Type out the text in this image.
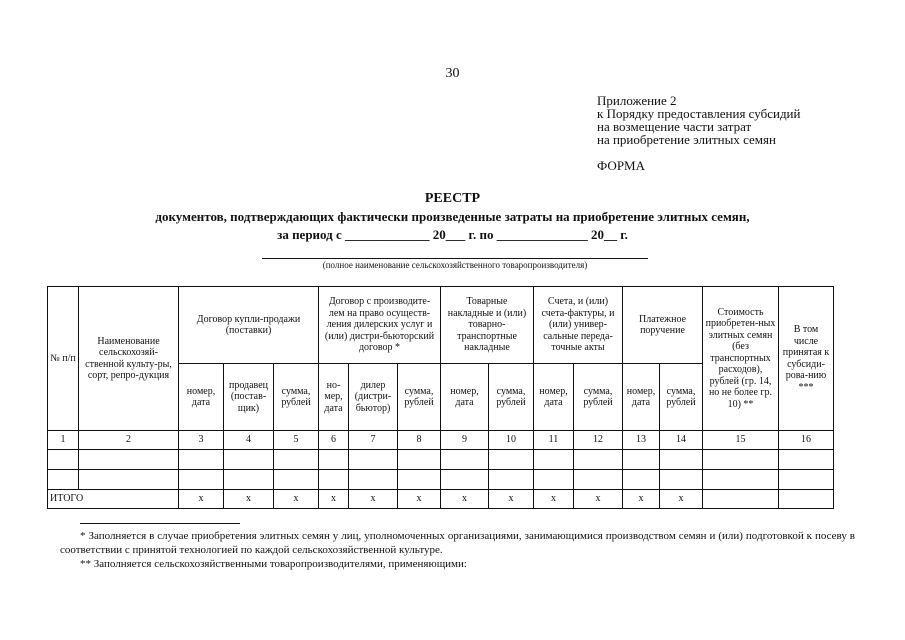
30
Приложение 2
к Порядку предоставления субсидий
на возмещение части затрат
на приобретение элитных семян
ФОРМА
РЕЕСТР
документов, подтверждающих фактически произведенные затраты на приобретение элитных семян,
за период с _____________ 20___ г. по ______________ 20__ г.
(полное наименование сельскохозяйственного товаропроизводителя)
№ п/п	Наименование сельскохозяй-ственной культу-ры, сорт, репро-дукция	Договор купли-продажи (поставки)			Договор с производите-лем на право осуществ-ления дилерских услуг и (или) дистри-бьюторский договор *			Товарные накладные и (или) товарно-транспортные накладные		Счета, и (или) счета-фактуры, и (или) универ-сальные переда-точные акты		Платежное поручение		Стоимость приобретен-ных элитных семян (без транспортных расходов), рублей (гр. 14, но не более гр. 10) **	В том числе принятая к субсиди-рова-нию ***
		номер, дата	продавец (постав-щик)	сумма, рублей	но-мер, дата	дилер (дистри-бьютор)	сумма, рублей	номер, дата	сумма, рублей	номер, дата	сумма, рублей	номер, дата	сумма, рублей		
1	2	3	4	5	6	7	8	9	10	11	12	13	14	15	16

ИТОГО		x	x	x	x	x	x	x	x	x	x	x	x		

* Заполняется в случае приобретения элитных семян у лиц, уполномоченных организациями, занимающимися производством семян и (или) подготовкой к посеву в соответствии с принятой технологией по каждой сельскохозяйственной культуре.

** Заполняется сельскохозяйственными товаропроизводителями, применяющими:
